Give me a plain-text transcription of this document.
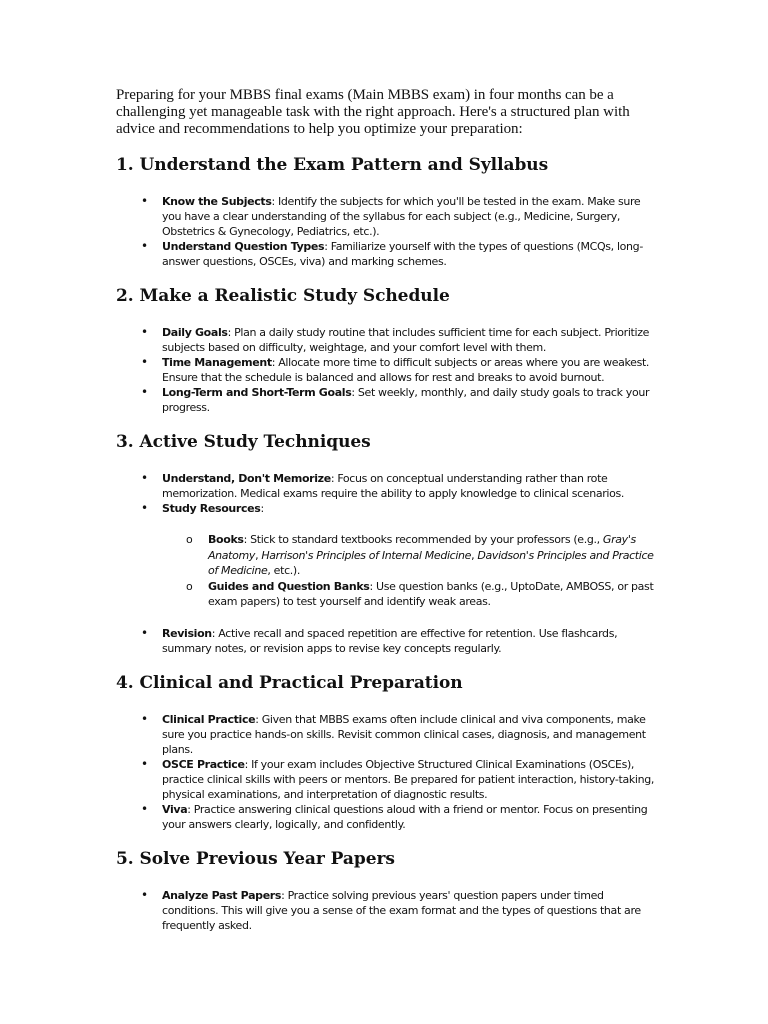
Preparing for your MBBS final exams (Main MBBS exam) in four months can be a challenging yet manageable task with the right approach. Here's a structured plan with advice and recommendations to help you optimize your preparation:

1. Understand the Exam Pattern and Syllabus
• Know the Subjects: Identify the subjects for which you'll be tested in the exam. Make sure you have a clear understanding of the syllabus for each subject (e.g., Medicine, Surgery, Obstetrics & Gynecology, Pediatrics, etc.).
• Understand Question Types: Familiarize yourself with the types of questions (MCQs, long-answer questions, OSCEs, viva) and marking schemes.
2. Make a Realistic Study Schedule
• Daily Goals: Plan a daily study routine that includes sufficient time for each subject. Prioritize subjects based on difficulty, weightage, and your comfort level with them.
• Time Management: Allocate more time to difficult subjects or areas where you are weakest. Ensure that the schedule is balanced and allows for rest and breaks to avoid burnout.
• Long-Term and Short-Term Goals: Set weekly, monthly, and daily study goals to track your progress.
3. Active Study Techniques
• Understand, Don't Memorize: Focus on conceptual understanding rather than rote memorization. Medical exams require the ability to apply knowledge to clinical scenarios.
• Study Resources:
o Books: Stick to standard textbooks recommended by your professors (e.g., Gray's Anatomy, Harrison's Principles of Internal Medicine, Davidson's Principles and Practice of Medicine, etc.).
o Guides and Question Banks: Use question banks (e.g., UptoDate, AMBOSS, or past exam papers) to test yourself and identify weak areas.
• Revision: Active recall and spaced repetition are effective for retention. Use flashcards, summary notes, or revision apps to revise key concepts regularly.
4. Clinical and Practical Preparation
• Clinical Practice: Given that MBBS exams often include clinical and viva components, make sure you practice hands-on skills. Revisit common clinical cases, diagnosis, and management plans.
• OSCE Practice: If your exam includes Objective Structured Clinical Examinations (OSCEs), practice clinical skills with peers or mentors. Be prepared for patient interaction, history-taking, physical examinations, and interpretation of diagnostic results.
• Viva: Practice answering clinical questions aloud with a friend or mentor. Focus on presenting your answers clearly, logically, and confidently.
5. Solve Previous Year Papers
• Analyze Past Papers: Practice solving previous years' question papers under timed conditions. This will give you a sense of the exam format and the types of questions that are frequently asked.
